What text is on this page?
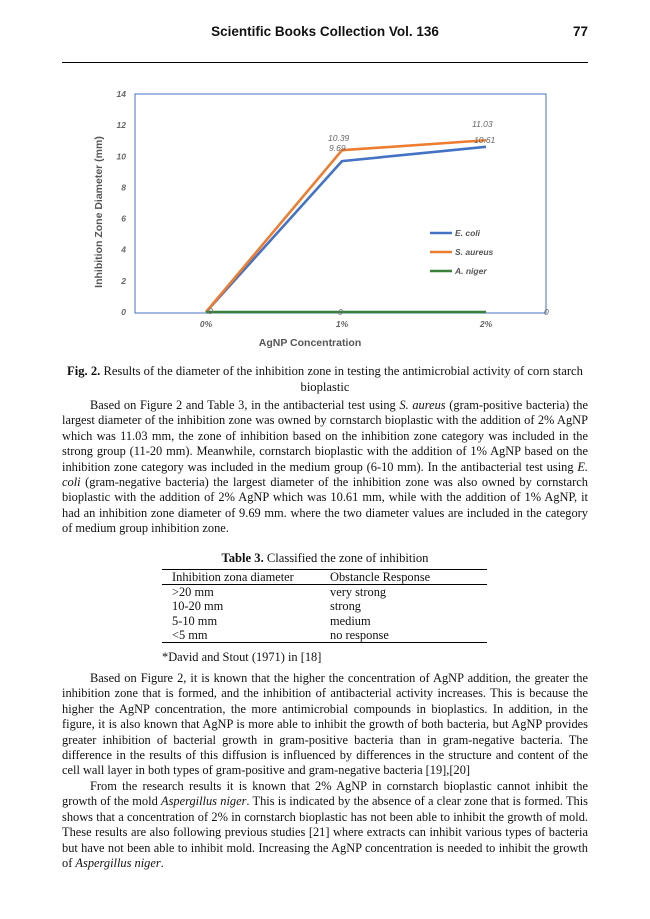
Scientific Books Collection Vol. 136	77
0
2
4
6
8
10
12
14
0%	1%	2%
0
9.69
10.61
10.39
11.03
0	0
E. coli
S. aureus
A. niger
AgNP Concentration
Inhibition Zone Diameter (mm)
Fig. 2. Results of the diameter of the inhibition zone in testing the antimicrobial activity of corn starch bioplastic

Based on Figure 2 and Table 3, in the antibacterial test using S. aureus (gram-positive bacteria) the largest diameter of the inhibition zone was owned by cornstarch bioplastic with the addition of 2% AgNP which was 11.03 mm, the zone of inhibition based on the inhibition zone category was included in the strong group (11-20 mm). Meanwhile, cornstarch bioplastic with the addition of 1% AgNP based on the inhibition zone category was included in the medium group (6-10 mm). In the antibacterial test using E. coli (gram-negative bacteria) the largest diameter of the inhibition zone was also owned by cornstarch bioplastic with the addition of 2% AgNP which was 10.61 mm, while with the addition of 1% AgNP, it had an inhibition zone diameter of 9.69 mm. where the two diameter values are included in the category of medium group inhibition zone.

Table 3. Classified the zone of inhibition
Inhibition zona diameter	Obstancle Response
>20 mm	very strong
10-20 mm	strong
5-10 mm	medium
<5 mm	no response
*David and Stout (1971) in [18]

Based on Figure 2, it is known that the higher the concentration of AgNP addition, the greater the inhibition zone that is formed, and the inhibition of antibacterial activity increases. This is because the higher the AgNP concentration, the more antimicrobial compounds in bioplastics. In addition, in the figure, it is also known that AgNP is more able to inhibit the growth of both bacteria, but AgNP provides greater inhibition of bacterial growth in gram-positive bacteria than in gram-negative bacteria. The difference in the results of this diffusion is influenced by differences in the structure and content of the cell wall layer in both types of gram-positive and gram-negative bacteria [19],[20]

From the research results it is known that 2% AgNP in cornstarch bioplastic cannot inhibit the growth of the mold Aspergillus niger. This is indicated by the absence of a clear zone that is formed. This shows that a concentration of 2% in cornstarch bioplastic has not been able to inhibit the growth of mold. These results are also following previous studies [21] where extracts can inhibit various types of bacteria but have not been able to inhibit mold. Increasing the AgNP concentration is needed to inhibit the growth of Aspergillus niger.
